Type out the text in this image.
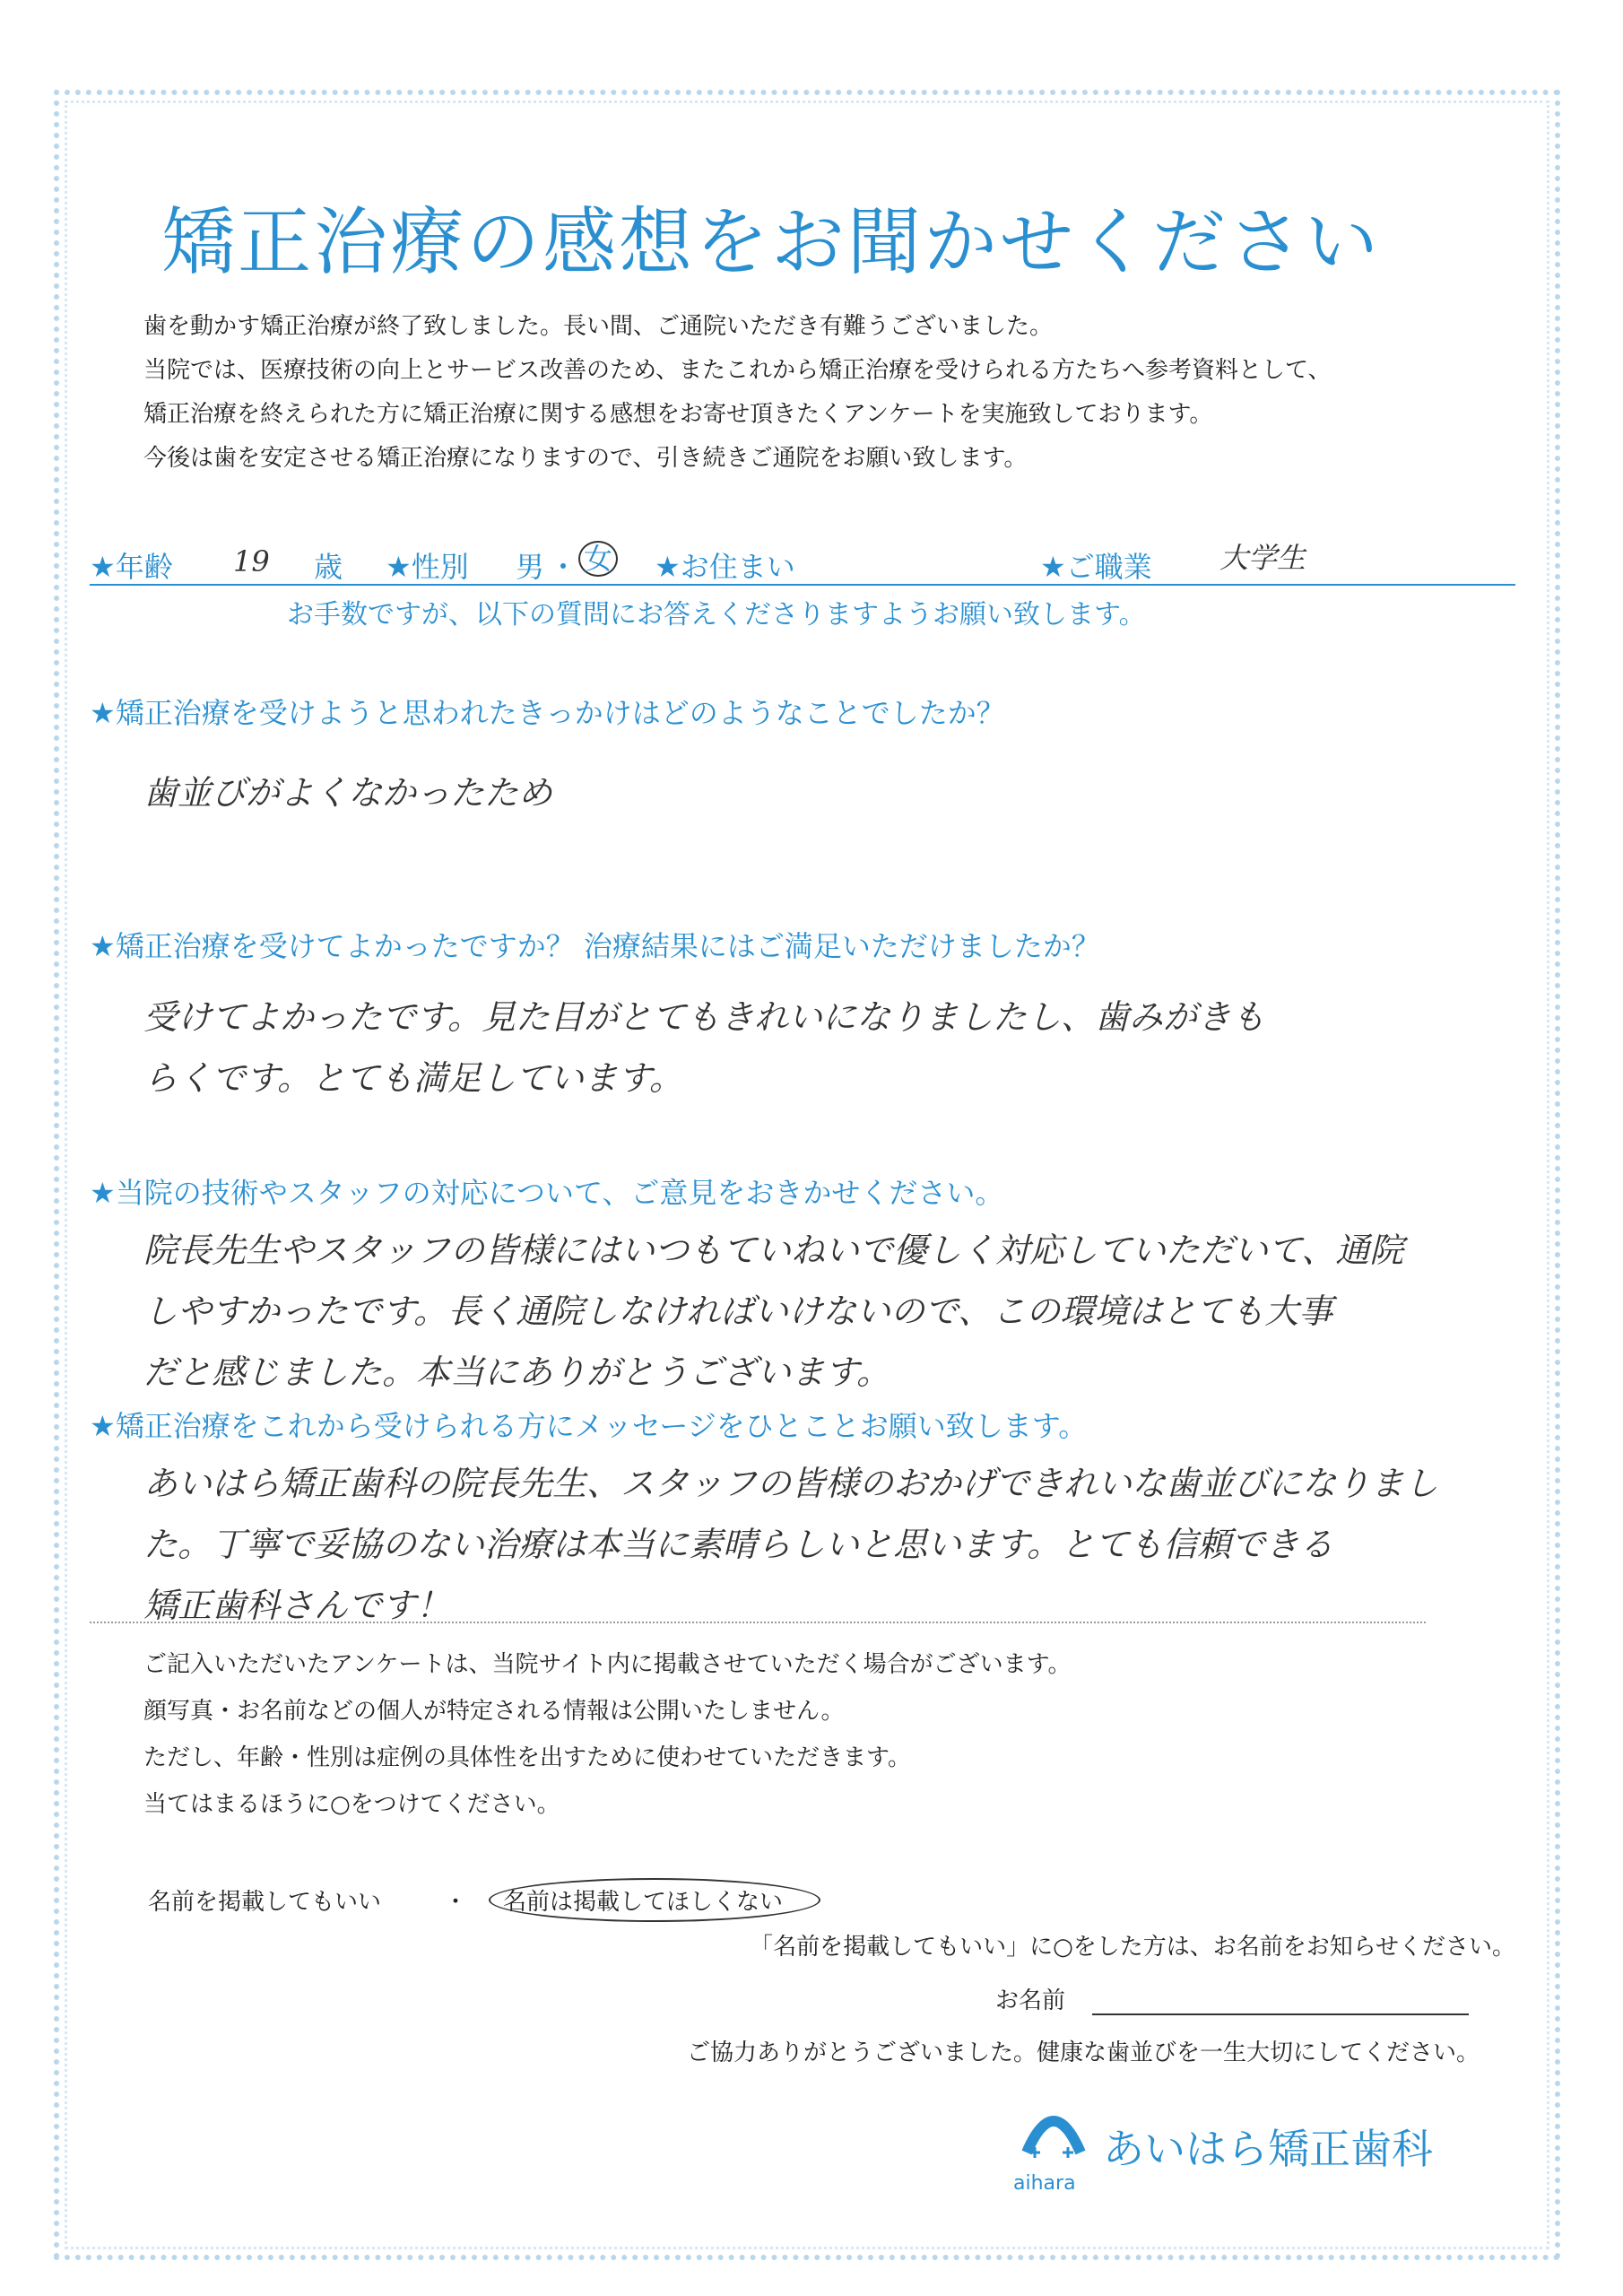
矯正治療の感想をお聞かせください
歯を動かす矯正治療が終了致しました。長い間、ご通院いただき有難うございました。
当院では、医療技術の向上とサービス改善のため、またこれから矯正治療を受けられる方たちへ参考資料として、
矯正治療を終えられた方に矯正治療に関する感想をお寄せ頂きたくアンケートを実施致しております。
今後は歯を安定させる矯正治療になりますので、引き続きご通院をお願い致します。
★年齢 19 歳 ★性別 男 ・ 女 ★お住まい	★ご職業 大学生
お手数ですが、以下の質問にお答えくださりますようお願い致します。
★矯正治療を受けようと思われたきっかけはどのようなことでしたか？
歯並びがよくなかったため
★矯正治療を受けてよかったですか？ 治療結果にはご満足いただけましたか？
受けてよかったです。見た目がとてもきれいになりましたし、歯みがきも
らくです。とても満足しています。
★当院の技術やスタッフの対応について、ご意見をおきかせください。
院長先生やスタッフの皆様にはいつもていねいで優しく対応していただいて、通院
しやすかったです。長く通院しなければいけないので、この環境はとても大事
だと感じました。本当にありがとうございます。
★矯正治療をこれから受けられる方にメッセージをひとことお願い致します。
あいはら矯正歯科の院長先生、スタッフの皆様のおかげできれいな歯並びになりまし
た。丁寧で妥協のない治療は本当に素晴らしいと思います。とても信頼できる
矯正歯科さんです！
ご記入いただいたアンケートは、当院サイト内に掲載させていただく場合がございます。
顔写真・お名前などの個人が特定される情報は公開いたしません。
ただし、年齢・性別は症例の具体性を出すために使わせていただきます。
当てはまるほうに○をつけてください。
名前を掲載してもいい	・	名前は掲載してほしくない
「名前を掲載してもいい」に○をした方は、お名前をお知らせください。
お名前
ご協力ありがとうございました。健康な歯並びを一生大切にしてください。
あいはら矯正歯科
aihara
